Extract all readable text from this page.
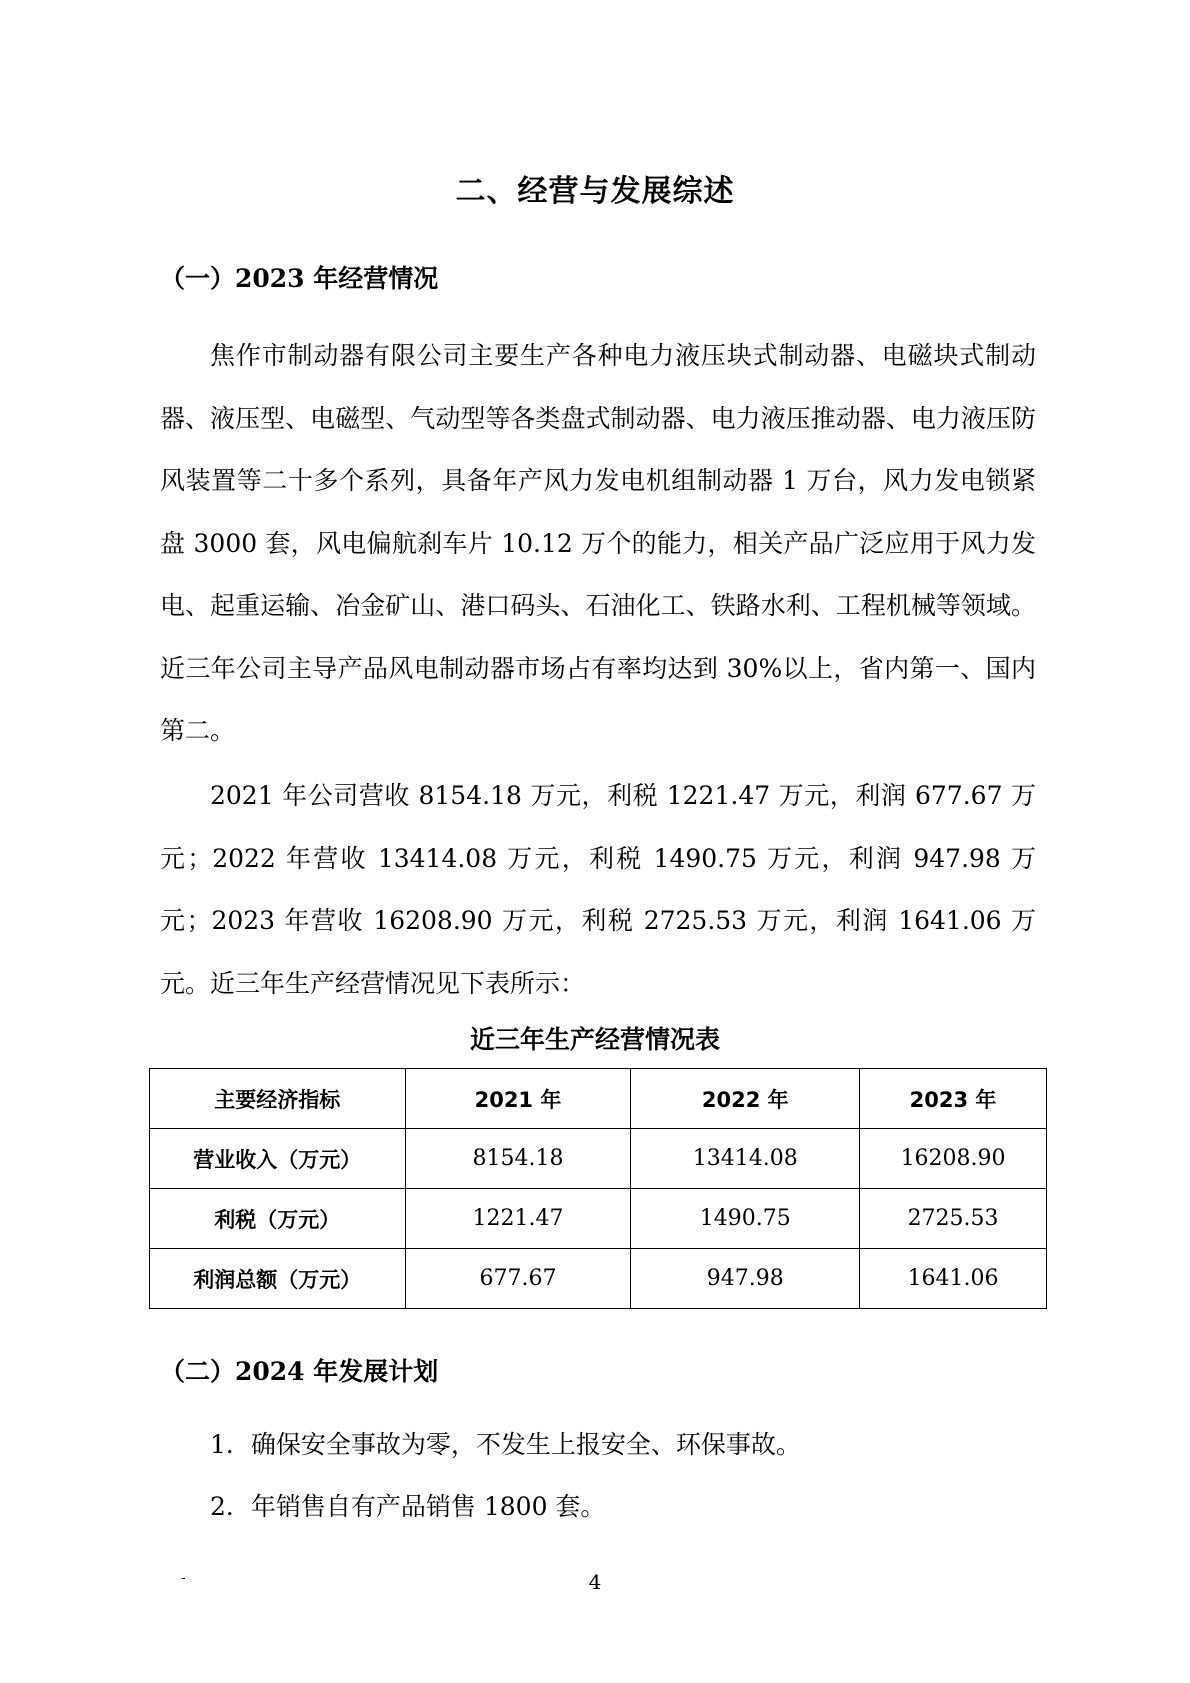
二、经营与发展综述
（一）2023 年经营情况

焦作市制动器有限公司主要生产各种电力液压块式制动器、电磁块式制动器、液压型、电磁型、气动型等各类盘式制动器、电力液压推动器、电力液压防风装置等二十多个系列，具备年产风力发电机组制动器 1 万台，风力发电锁紧盘 3000 套，风电偏航刹车片 10.12 万个的能力，相关产品广泛应用于风力发电、起重运输、冶金矿山、港口码头、石油化工、铁路水利、工程机械等领域。近三年公司主导产品风电制动器市场占有率均达到 30%以上，省内第一、国内第二。

2021 年公司营收 8154.18 万元，利税 1221.47 万元，利润 677.67 万元；2022 年营收 13414.08 万元，利税 1490.75 万元，利润 947.98 万元；2023 年营收 16208.90 万元，利税 2725.53 万元，利润 1641.06 万元。近三年生产经营情况见下表所示：

近三年生产经营情况表
主要经济指标	2021 年	2022 年	2023 年
营业收入（万元）	8154.18	13414.08	16208.90
利税（万元）	1221.47	1490.75	2725.53
利润总额（万元）	677.67	947.98	1641.06
（二）2024 年发展计划
1．确保安全事故为零，不发生上报安全、环保事故。
2．年销售自有产品销售 1800 套。
-	4
